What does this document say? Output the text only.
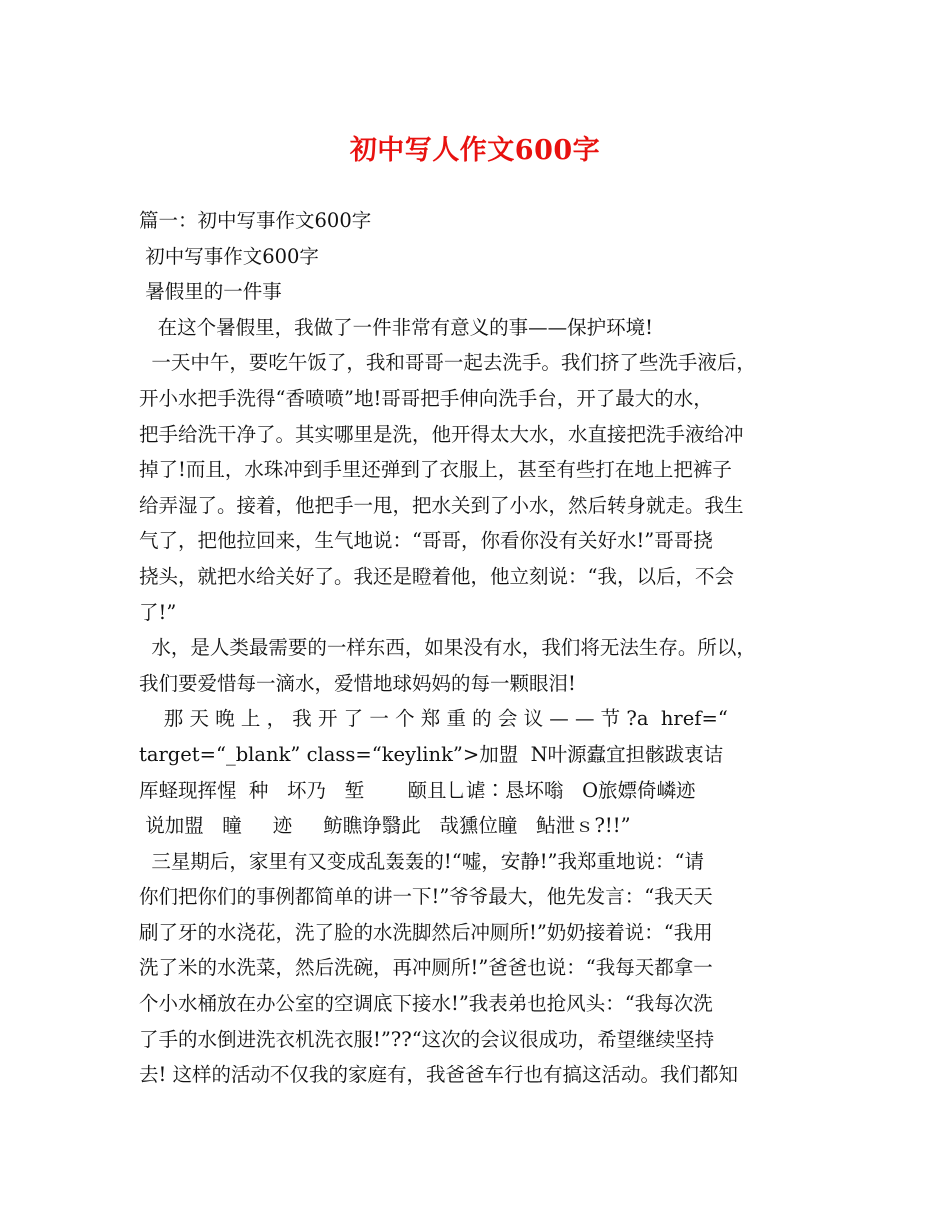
初中写人作文600字
篇一：初中写事作文600字
初中写事作文600字
暑假里的一件事
在这个暑假里，我做了一件非常有意义的事——保护环境!
一天中午，要吃午饭了，我和哥哥一起去洗手。我们挤了些洗手液后，
开小水把手洗得“香喷喷”地!哥哥把手伸向洗手台，开了最大的水，
把手给洗干净了。其实哪里是洗，他开得太大水，水直接把洗手液给冲
掉了!而且，水珠冲到手里还弹到了衣服上，甚至有些打在地上把裤子
给弄湿了。接着，他把手一甩，把水关到了小水，然后转身就走。我生
气了，把他拉回来，生气地说：“哥哥，你看你没有关好水!”哥哥挠
挠头，就把水给关好了。我还是瞪着他，他立刻说：“我，以后，不会
了!”
水，是人类最需要的一样东西，如果没有水，我们将无法生存。所以，
我们要爱惜每一滴水，爱惜地球妈妈的每一颗眼泪!
那 天 晚 上 ， 我 开 了 一 个 郑 重 的 会 议 — — 节 ?a  href=“
target=“_blank” class=“keylink”>加盟  N叶源蠹宜担骸跋衷诘
厍蛏现挥惺  种   坏乃   堑       颐且乚谑∶恳坏嗡   O旅嫖倚嶙迹
说加盟   瞳     迹     鲂瞧诤翳此   哉獯位瞳   鲇泄ｓ?!!”
三星期后，家里有又变成乱轰轰的!“嘘，安静!”我郑重地说：“请
你们把你们的事例都简单的讲一下!”爷爷最大，他先发言：“我天天
刷了牙的水浇花，洗了脸的水洗脚然后冲厕所!”奶奶接着说：“我用
洗了米的水洗菜，然后洗碗，再冲厕所!”爸爸也说：“我每天都拿一
个小水桶放在办公室的空调底下接水!”我表弟也抢风头：“我每次洗
了手的水倒进洗衣机洗衣服!”??“这次的会议很成功，希望继续坚持
去! 这样的活动不仅我的家庭有，我爸爸车行也有搞这活动。我们都知
